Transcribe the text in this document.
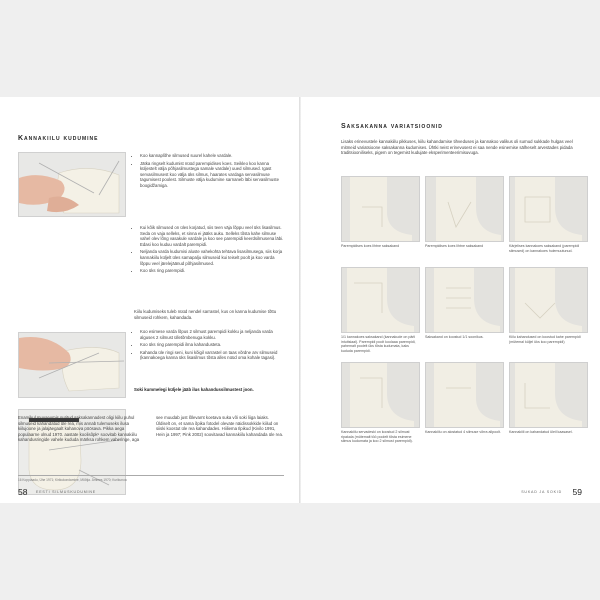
Kannakiilu kudumine
• Koo kannaplõhe silmused suurel kahele vardale.
• Jätka ringselt kudumist nüüd parempidises koes. Seikleo koo kanna küljestelt välja põhjasilmustega samale vardale) uued silmused. Igast servasilmusest koo välja üks silmus, haarates vardaga servasilmuse tagumisest poolest. Silmuste välja kudumine sarnaneb läbi servasilmuste boogidžamiga.
• Kui kõik silmused on üles korjatud, siis teen väja lõppu veel üks lisasilmus. Seda on vaja selleks, et sinna ei jääks auku. Selleks tõsta kahe silmuse vahel olev lõng vasakule vardale ja koo see parempidi keerdsilmusena läbi. Edasi koo kuduu vardalt parempidi.
• Neljanda varda kudumisi aluste vahekohta tehtava lisasilmusega, siis korja kannakiilu küljelt üles samapalju silmuseid kui teiselt poolt ja koo varda lõppu veel järelejäänud põhjasilmused.
• Koo üks ring parempidi.
Kiilu kudumiseks tuleb nüüd nendel sarrastel, kus on kanna kudumise tõttu silmuseid rohkem, kahandada.
• Koo esimese varda lõpus 2 silmust parempidi kokku ja neljanda varda alguses 2 silmust ülletõmbenuga kokku.
• Koo üks ring parempidi ilma kahandusteta.
• Kahanda üle ringi seni, kuni kõigil varrastel on taas võrdne arv silmuseid (kannakoega kanna üks lisasilmus tõsta alles nüüd oma kohale tagasi).
Soki kummelegi küljele jääb ilus kahandussilmustest joon.
Enamikul muuseumis suritud saksakannadest oligi kiilu puhul silmuseid kahandatud üle rea, mis annab tulemuseks ilusa kiilujoone ja jalajäegaalt kahanova pöösava. Pikka aega populaarne olnud 1970. aastate koolisõpk⁵ soovitab kannakiilu kahandusringide vahele kududa märksa rohkem vaheringe, aga see muudab just lõlevamt koetava suka või soki liiga laiaks. Üldiselt on, et sama õpika fotodel olevate näidissokkide kiilud on siiski koostut üle rea kahandades. Hiiliema Ilpikud (Kivilo 1991, Hein ja 1997; Pink 2002) soovitavad kannakiilu kahandada üle rea.
16 Kopplaadu, Ühe 1971; Kirikukondamine, Mõõtja. Ämmes 1970; Kurikunoa
58 EESTI SILMUSKUDUMINE
Saksakanna variatsioonid
Lisaks erinevustele kannakiilu pikkuses, kiilu kahandamise tihveduses ja kannakoo valikus oli surnud sukkade hulgas veel mitmeid variatsioone saksakanna kudumises. Ühtki neist erinevusest ei saa nende esinemise sälheselt arvestades pidada traditsiooniliseks, pigem on tegemist kudujate eksperimenteerimisuvuga.
Parempidises koes lihtne saksakand	Parempidises koes lihtne saksakand	Kärjelises kannakoes saksakand (parempidi silmused) on kannakoes hulemuutunud.
1/1 kannakoes saksakand (kannakude on pärli intuitsiaal). Parempidi poolt koolaaa parempidi, pahemalt poolelt üks tõsta kudumata, kaks kududa parempidi.
Saksakand on koostud 1/1 soonikus.	Kiilu kahandused on koostud kahe parempidi (mütemal küljel üks koo parempidi)
Kannakiilu servadeski on koostud 2 silmust ripakala (mütemalt töö poolelt tõsta esimene silmus kudumata ja koo 2 silmust parempidi).
Kannakiilu on alostatud 4 silmuse võrra allpoolt.	Kannakiili on kahandatud üleil kaasasel.
SUKAD JA SOKID 59
